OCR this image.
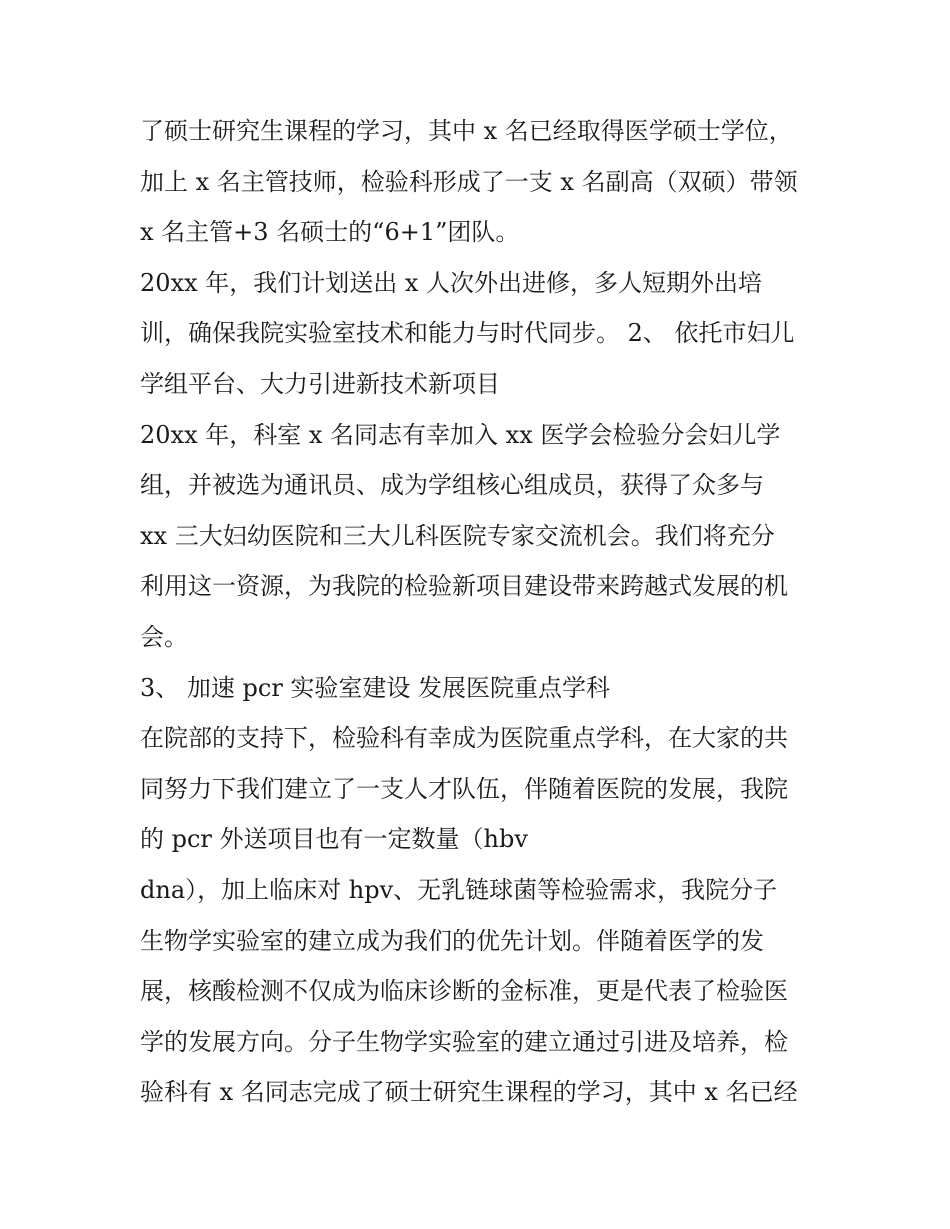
了硕士研究生课程的学习，其中 x 名已经取得医学硕士学位，
加上 x 名主管技师，检验科形成了一支 x 名副高（双硕）带领
x 名主管+3 名硕士的“6+1”团队。
20xx 年，我们计划送出 x 人次外出进修，多人短期外出培
训，确保我院实验室技术和能力与时代同步。 2、 依托市妇儿
学组平台、大力引进新技术新项目
20xx 年，科室 x 名同志有幸加入 xx 医学会检验分会妇儿学
组，并被选为通讯员、成为学组核心组成员，获得了众多与
xx 三大妇幼医院和三大儿科医院专家交流机会。我们将充分
利用这一资源，为我院的检验新项目建设带来跨越式发展的机
会。
3、 加速 pcr 实验室建设 发展医院重点学科
在院部的支持下，检验科有幸成为医院重点学科，在大家的共
同努力下我们建立了一支人才队伍，伴随着医院的发展，我院
的 pcr 外送项目也有一定数量（hbv
dna），加上临床对 hpv、无乳链球菌等检验需求，我院分子
生物学实验室的建立成为我们的优先计划。伴随着医学的发
展，核酸检测不仅成为临床诊断的金标准，更是代表了检验医
学的发展方向。分子生物学实验室的建立通过引进及培养，检
验科有 x 名同志完成了硕士研究生课程的学习，其中 x 名已经
